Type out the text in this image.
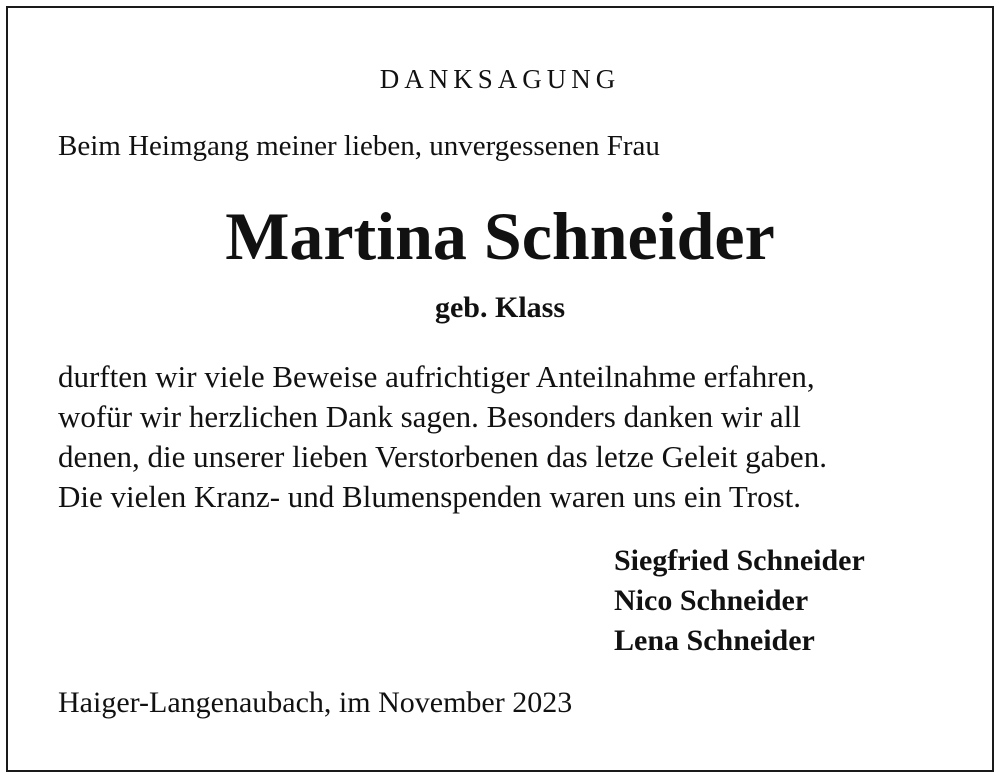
DANKSAGUNG

Beim Heimgang meiner lieben, unvergessenen Frau

Martina Schneider

geb. Klass

durften wir viele Beweise aufrichtiger Anteilnahme erfahren,
wofür wir herzlichen Dank sagen. Besonders danken wir all
denen, die unserer lieben Verstorbenen das letze Geleit gaben.
Die vielen Kranz- und Blumenspenden waren uns ein Trost.
Siegfried Schneider
Nico Schneider
Lena Schneider

Haiger-Langenaubach, im November 2023
